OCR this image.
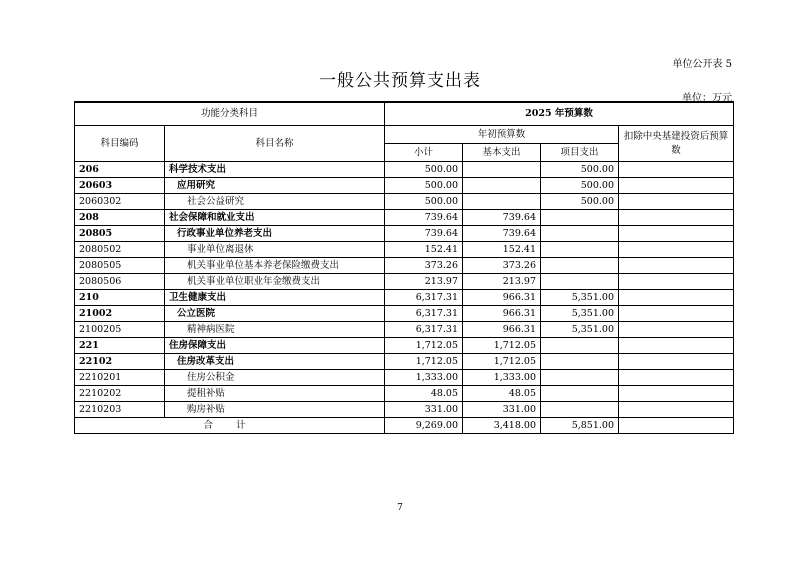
单位公开表 5
一般公共预算支出表
单位：万元
功能分类科目		2025 年预算数			
科目编码	科目名称	年初预算数			扣除中央基建投资后预算数
		小计	基本支出	项目支出	
206	科学技术支出	500.00		500.00	
20603	应用研究	500.00		500.00	
2060302	社会公益研究	500.00		500.00	
208	社会保障和就业支出	739.64	739.64		
20805	行政事业单位养老支出	739.64	739.64		
2080502	事业单位离退休	152.41	152.41		
2080505	机关事业单位基本养老保险缴费支出	373.26	373.26		
2080506	机关事业单位职业年金缴费支出	213.97	213.97		
210	卫生健康支出	6,317.31	966.31	5,351.00	
21002	公立医院	6,317.31	966.31	5,351.00	
2100205	精神病医院	6,317.31	966.31	5,351.00	
221	住房保障支出	1,712.05	1,712.05		
22102	住房改革支出	1,712.05	1,712.05		
2210201	住房公积金	1,333.00	1,333.00		
2210202	提租补贴	48.05	48.05		
2210203	购房补贴	331.00	331.00		
合 计		9,269.00	3,418.00	5,851.00	
7
